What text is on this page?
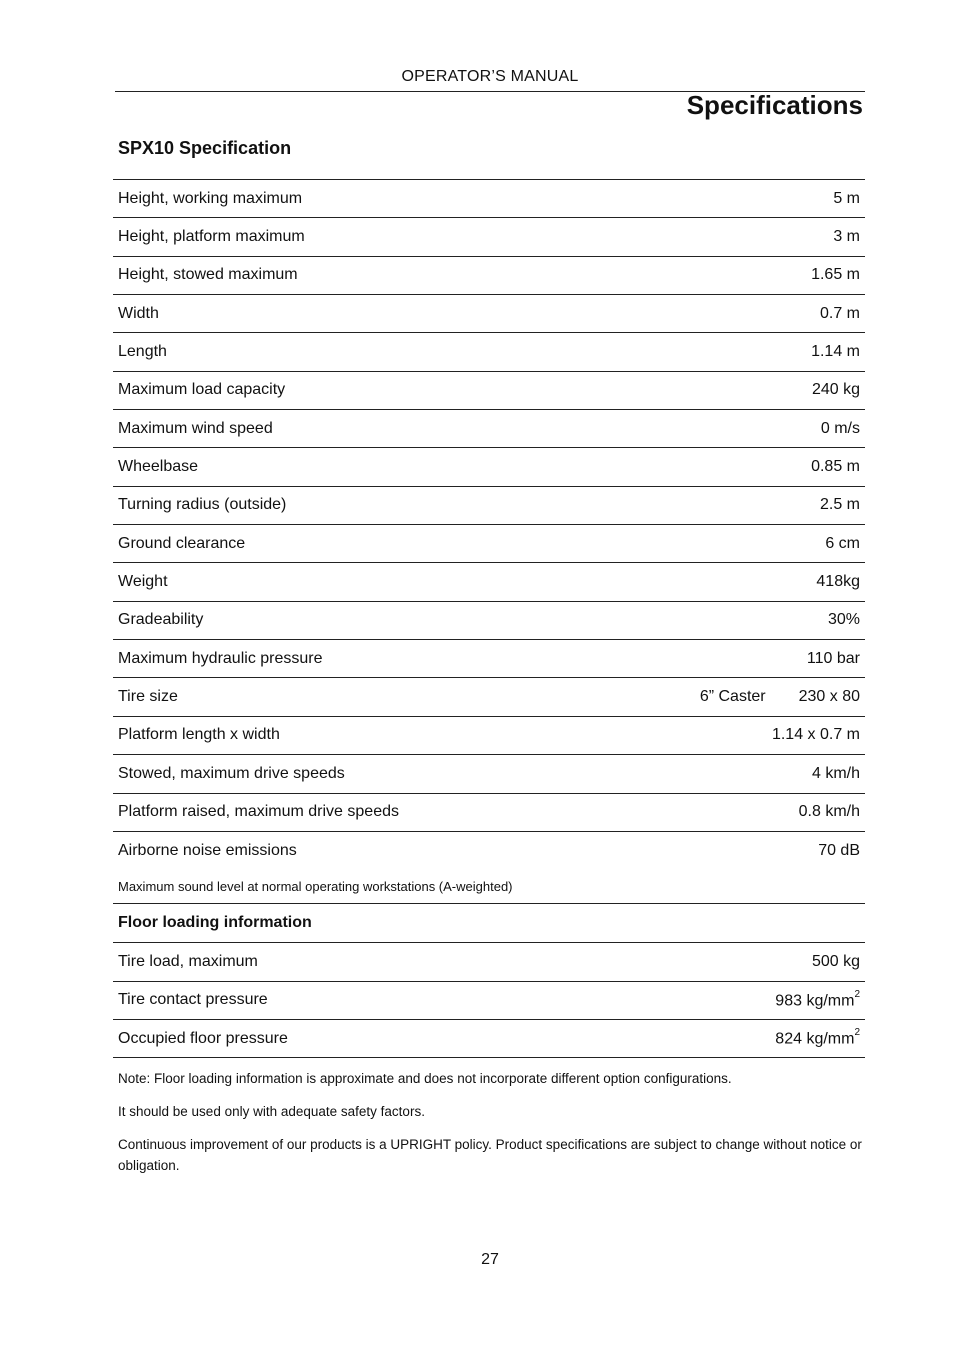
OPERATOR’S MANUAL
Specifications
SPX10 Specification
Height, working maximum	5 m
Height, platform maximum	3 m
Height, stowed maximum	1.65 m
Width	0.7 m
Length	1.14 m
Maximum load capacity	240 kg
Maximum wind speed	0 m/s
Wheelbase	0.85 m
Turning radius (outside)	2.5 m
Ground clearance	6 cm
Weight	418kg
Gradeability	30%
Maximum hydraulic pressure	110 bar
Tire size	6” Caster 230 x 80
Platform length x width	1.14 x 0.7 m
Stowed, maximum drive speeds	4 km/h
Platform raised, maximum drive speeds	0.8 km/h
Airborne noise emissions	70 dB
Maximum sound level at normal operating workstations (A-weighted)
Floor loading information
Tire load, maximum	500 kg
Tire contact pressure	983 $kg/mm^2$
Occupied floor pressure	824 $kg/mm^2$

Note: Floor loading information is approximate and does not incorporate different option configurations.

It should be used only with adequate safety factors.

Continuous improvement of our products is a UPRIGHT policy. Product specifications are subject to change without notice or obligation.

27
